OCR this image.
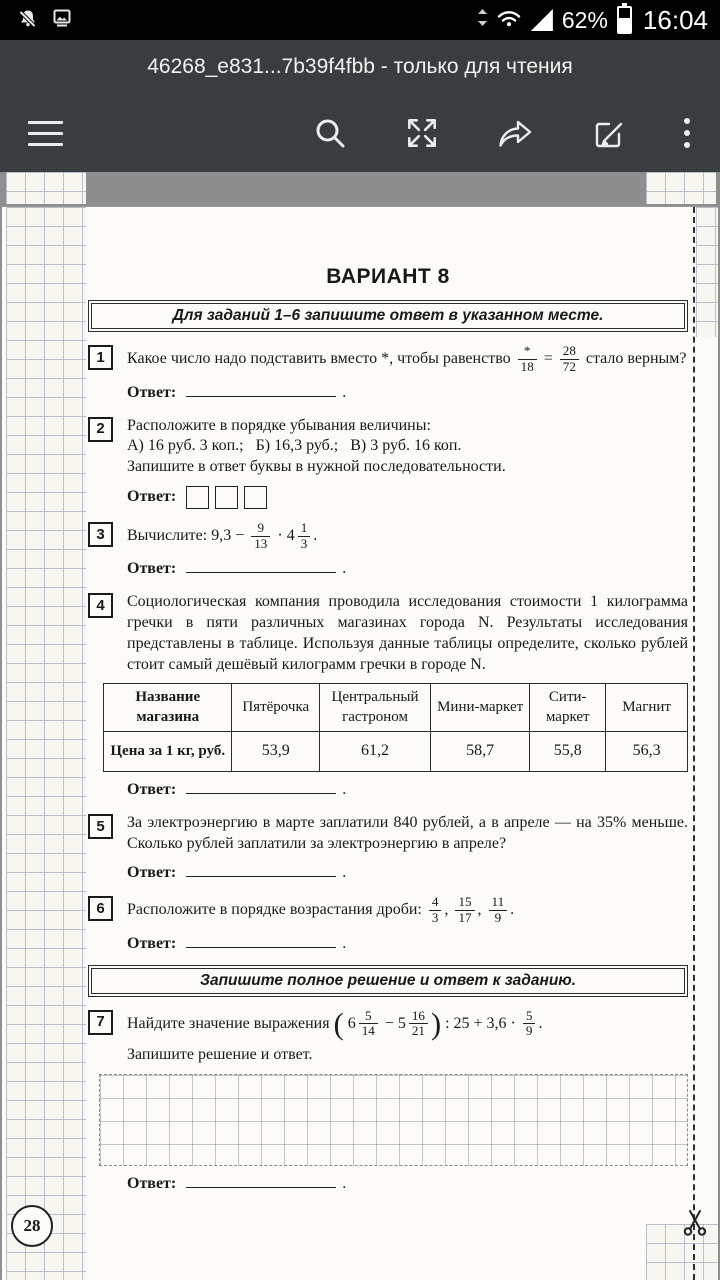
62% 16:04
46268_e831...7b39f4fbb - только для чтения
ВАРИАНТ 8
Для заданий 1–6 запишите ответ в указанном месте.
1	Какое число надо подставить вместо *, чтобы равенство	*
$18 = \frac{28}{72}$ стало верным?
Ответ:	.
2	Расположите в порядке убывания величины:
А) 16 руб. 3 коп.;   Б) 16,3 руб.;   В) 3 руб. 16 коп.
Запишите в ответ буквы в нужной последовательности.
Ответ:
3	Вычислите: $9,3 - \frac{9}{13} \cdot 4 \frac{1}{3}$ .
Ответ:	.
4	Социологическая компания проводила исследования стоимости 1 килограмма гречки в пяти различных магазинах города N. Результаты исследования представлены в таблице. Используя данные таблицы определите, сколько рублей стоит самый дешёвый килограмм гречки в городе N.
Название магазина	Пятёрочка	Центральный гастроном	Мини-маркет	Сити-маркет	Магнит
Цена за 1 кг, руб.	53,9	61,2	58,7	55,8	56,3
Ответ:	.
5	За электроэнергию в марте заплатили 840 рублей, а в апреле — на 35% меньше. Сколько рублей заплатили за электроэнергию в апреле?
Ответ:	.
6	Расположите в порядке возрастания дроби: $\frac{4}{3}$ , $\frac{15}{17}$ , $\frac{11}{9}$ .
Ответ:	.
Запишите полное решение и ответ к заданию.
7	Найдите значение выражения ( $6 \frac{5}{14} - 5 \frac{16}{21}$ ) : $25 + 3,6 \cdot \frac{5}{9}$ .
Запишите решение и ответ.
Ответ:	.
28
